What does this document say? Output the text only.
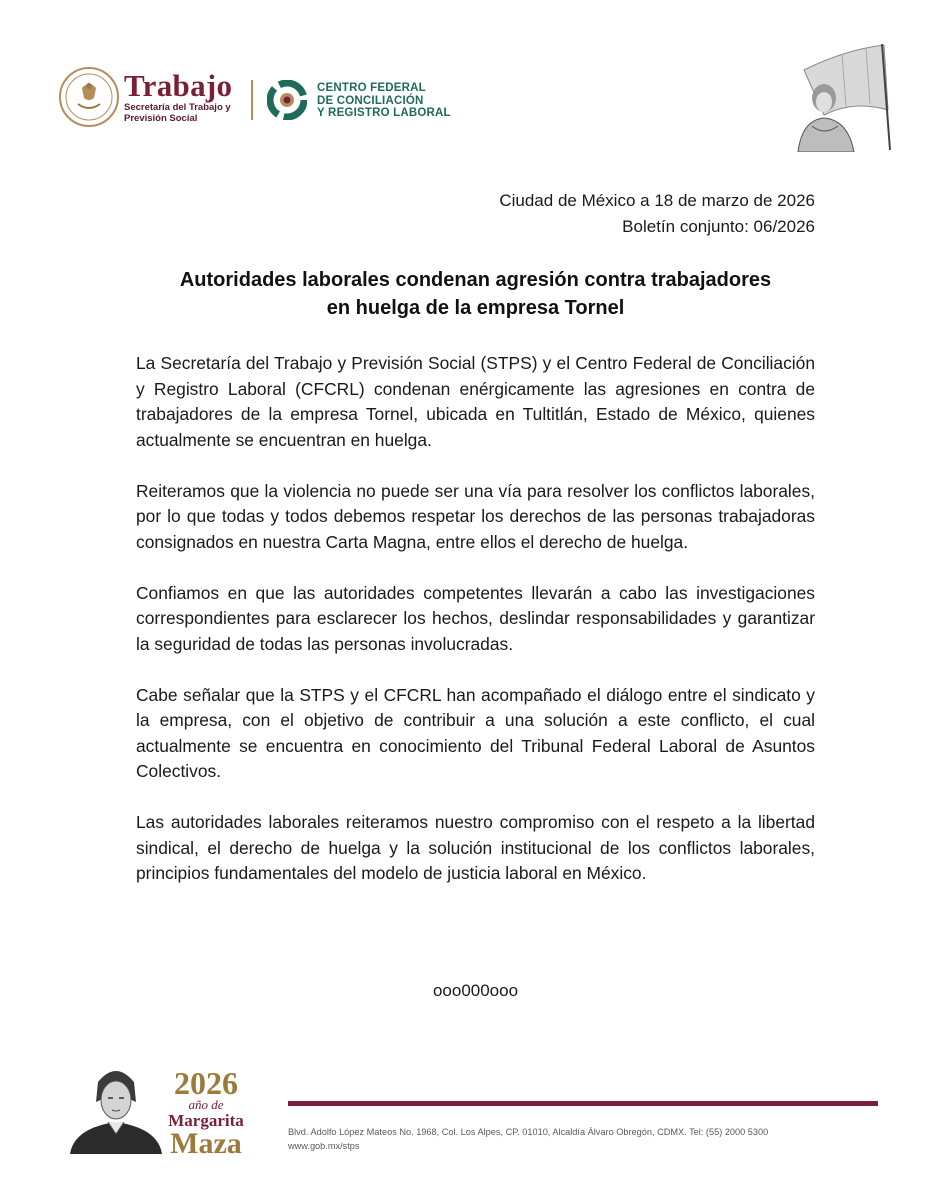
Trabajo
Secretaría del Trabajo y Previsión Social
CENTRO FEDERAL
DE CONCILIACIÓN
Y REGISTRO LABORAL
Ciudad de México a 18 de marzo de 2026
Boletín conjunto: 06/2026
Autoridades laborales condenan agresión contra trabajadores
en huelga de la empresa Tornel

La Secretaría del Trabajo y Previsión Social (STPS) y el Centro Federal de Conciliación y Registro Laboral (CFCRL) condenan enérgicamente las agresiones en contra de trabajadores de la empresa Tornel, ubicada en Tultitlán, Estado de México, quienes actualmente se encuentran en huelga.

Reiteramos que la violencia no puede ser una vía para resolver los conflictos laborales, por lo que todas y todos debemos respetar los derechos de las personas trabajadoras consignados en nuestra Carta Magna, entre ellos el derecho de huelga.

Confiamos en que las autoridades competentes llevarán a cabo las investigaciones correspondientes para esclarecer los hechos, deslindar responsabilidades y garantizar la seguridad de todas las personas involucradas.

Cabe señalar que la STPS y el CFCRL han acompañado el diálogo entre el sindicato y la empresa, con el objetivo de contribuir a una solución a este conflicto, el cual actualmente se encuentra en conocimiento del Tribunal Federal Laboral de Asuntos Colectivos.

Las autoridades laborales reiteramos nuestro compromiso con el respeto a la libertad sindical, el derecho de huelga y la solución institucional de los conflictos laborales, principios fundamentales del modelo de justicia laboral en México.

ooo000ooo
2026
año de
Margarita
Maza	Blvd. Adolfo López Mateos No. 1968, Col. Los Alpes, CP. 01010, Alcaldía Álvaro Obregón, CDMX. Tel: (55) 2000 5300
www.gob.mx/stps
